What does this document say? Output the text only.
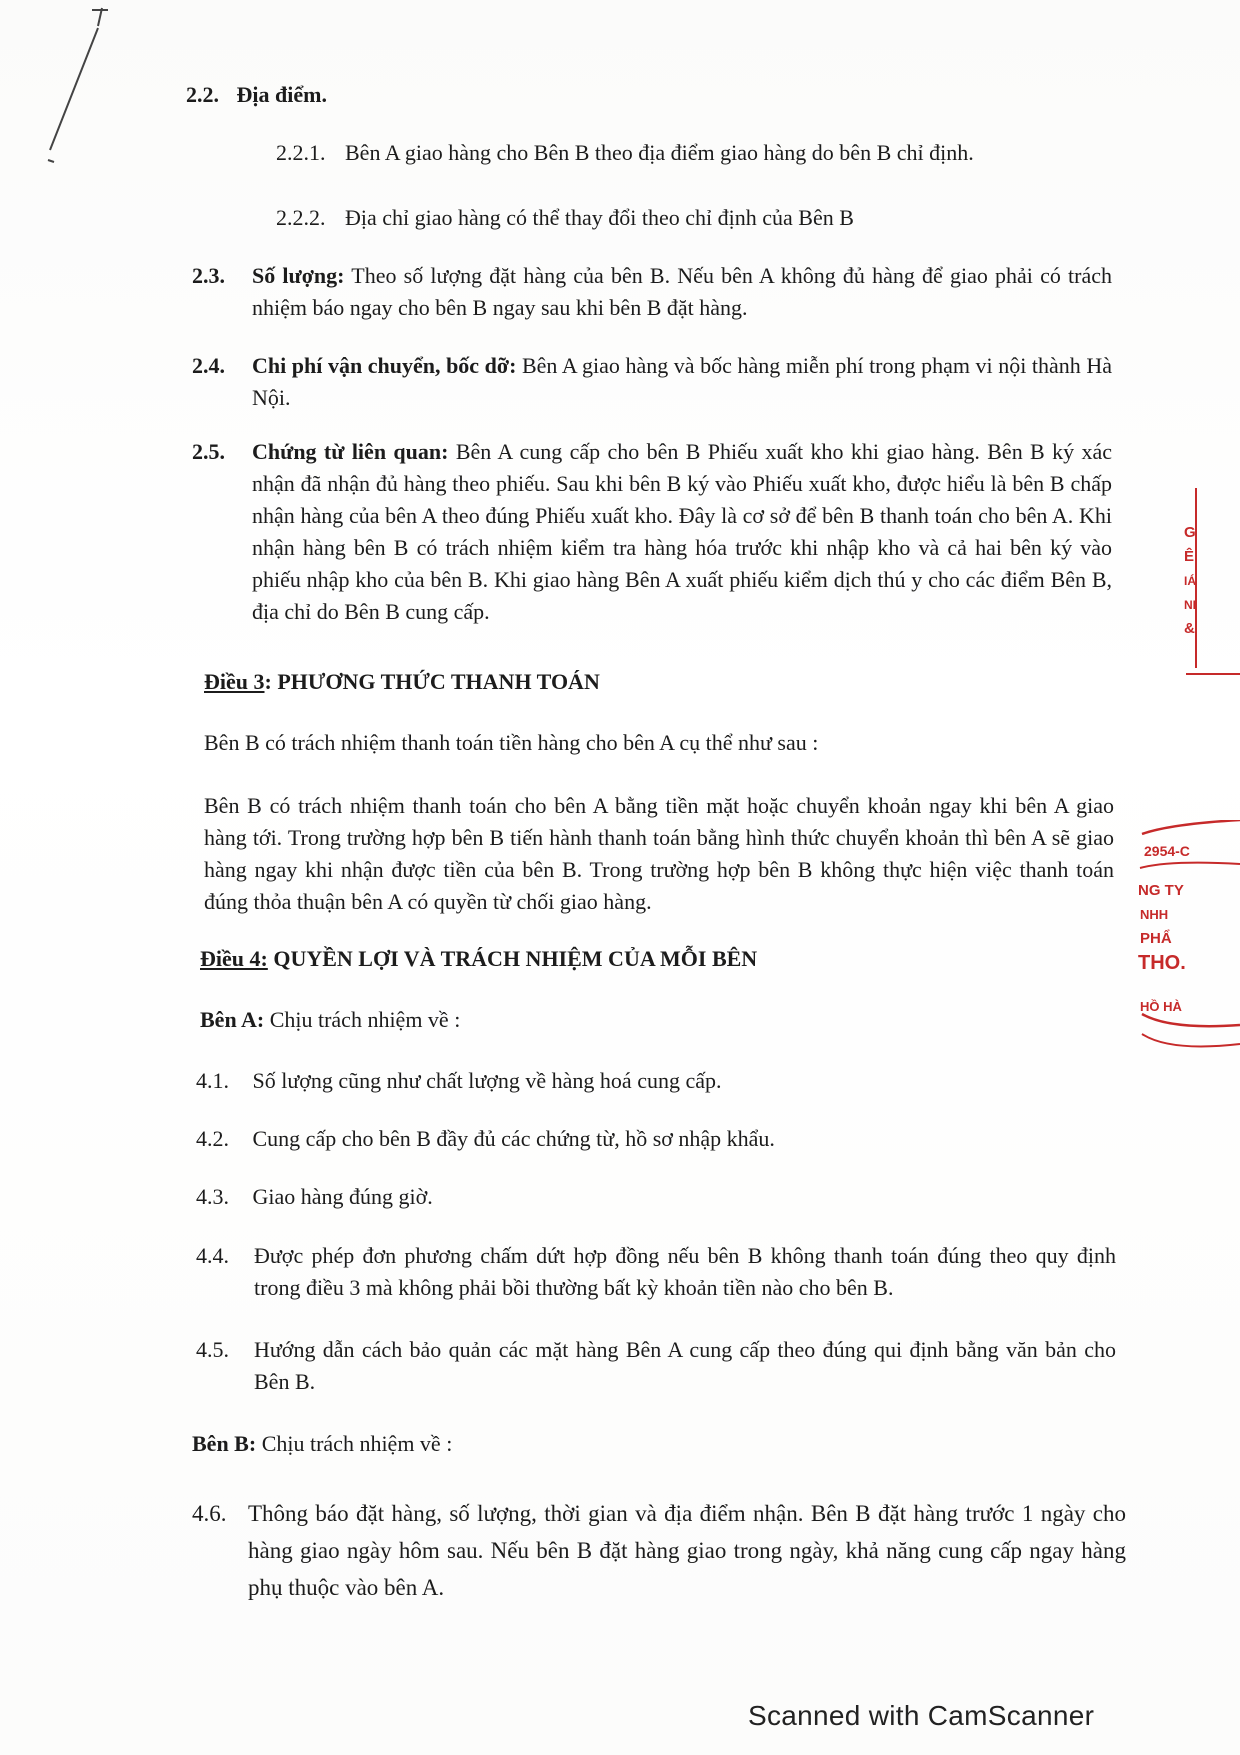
2.2. Địa điểm.
2.2.1. Bên A giao hàng cho Bên B theo địa điểm giao hàng do bên B chỉ định.
2.2.2. Địa chỉ giao hàng có thể thay đổi theo chỉ định của Bên B
2.3. Số lượng: Theo số lượng đặt hàng của bên B. Nếu bên A không đủ hàng để giao phải có trách nhiệm báo ngay cho bên B ngay sau khi bên B đặt hàng.
2.4. Chi phí vận chuyển, bốc dỡ: Bên A giao hàng và bốc hàng miễn phí trong phạm vi nội thành Hà Nội.
2.5. Chứng từ liên quan: Bên A cung cấp cho bên B Phiếu xuất kho khi giao hàng. Bên B ký xác nhận đã nhận đủ hàng theo phiếu. Sau khi bên B ký vào Phiếu xuất kho, được hiểu là bên B chấp nhận hàng của bên A theo đúng Phiếu xuất kho. Đây là cơ sở để bên B thanh toán cho bên A. Khi nhận hàng bên B có trách nhiệm kiểm tra hàng hóa trước khi nhập kho và cả hai bên ký vào phiếu nhập kho của bên B. Khi giao hàng Bên A xuất phiếu kiểm dịch thú y cho các điểm Bên B, địa chỉ do Bên B cung cấp.
Điều 3: PHƯƠNG THỨC THANH TOÁN
Bên B có trách nhiệm thanh toán tiền hàng cho bên A cụ thể như sau :
Bên B có trách nhiệm thanh toán cho bên A bằng tiền mặt hoặc chuyển khoản ngay khi bên A giao hàng tới. Trong trường hợp bên B tiến hành thanh toán bằng hình thức chuyển khoản thì bên A sẽ giao hàng ngay khi nhận được tiền của bên B. Trong trường hợp bên B không thực hiện việc thanh toán đúng thỏa thuận bên A có quyền từ chối giao hàng.
Điều 4: QUYỀN LỢI VÀ TRÁCH NHIỆM CỦA MỖI BÊN
Bên A: Chịu trách nhiệm về :
4.1. Số lượng cũng như chất lượng về hàng hoá cung cấp.
4.2. Cung cấp cho bên B đầy đủ các chứng từ, hồ sơ nhập khẩu.
4.3. Giao hàng đúng giờ.
4.4. Được phép đơn phương chấm dứt hợp đồng nếu bên B không thanh toán đúng theo quy định trong điều 3 mà không phải bồi thường bất kỳ khoản tiền nào cho bên B.
4.5. Hướng dẫn cách bảo quản các mặt hàng Bên A cung cấp theo đúng qui định bằng văn bản cho Bên B.
Bên B: Chịu trách nhiệm về :
4.6. Thông báo đặt hàng, số lượng, thời gian và địa điểm nhận. Bên B đặt hàng trước 1 ngày cho hàng giao ngày hôm sau. Nếu bên B đặt hàng giao trong ngày, khả năng cung cấp ngay hàng phụ thuộc vào bên A.
G
Ê
IÁ
NI
&
2954-C
NG TY
NHH
PHẨ
THO.
HỒ HÀ
Scanned with CamScanner
